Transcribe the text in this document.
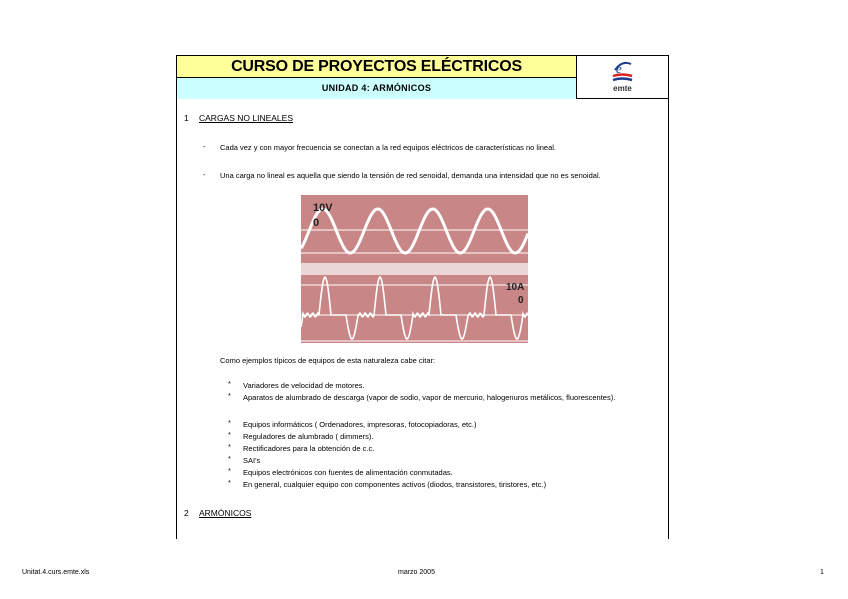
CURSO DE PROYECTOS ELÉCTRICOS
UNIDAD 4: ARMÓNICOS
e
emte
1 CARGAS NO LINEALES
- Cada vez y con mayor frecuencia se conectan a la red equipos eléctricos de características no lineal.
- Una carga no lineal es aquella que siendo la tensión de red senoidal, demanda una intensidad que no es senoidal.
10V
0
10A
0
Como ejemplos típicos de equipos de esta naturaleza cabe citar:
* Variadores de velocidad de motores.
* Aparatos de alumbrado de descarga (vapor de sodio, vapor de mercurio, halogenuros metálicos, fluorescentes).
* Equipos informáticos ( Ordenadores, impresoras, fotocopiadoras, etc.)
* Reguladores de alumbrado ( dimmers).
* Rectificadores para la obtención de c.c.
* SAI's
* Equipos electrónicos con fuentes de alimentación conmutadas.
* En general, cualquier equipo con componentes activos (diodos, transistores, tiristores, etc.)
2 ARMÓNICOS
Unitat.4.curs.emte.xls	marzo 2005	1
